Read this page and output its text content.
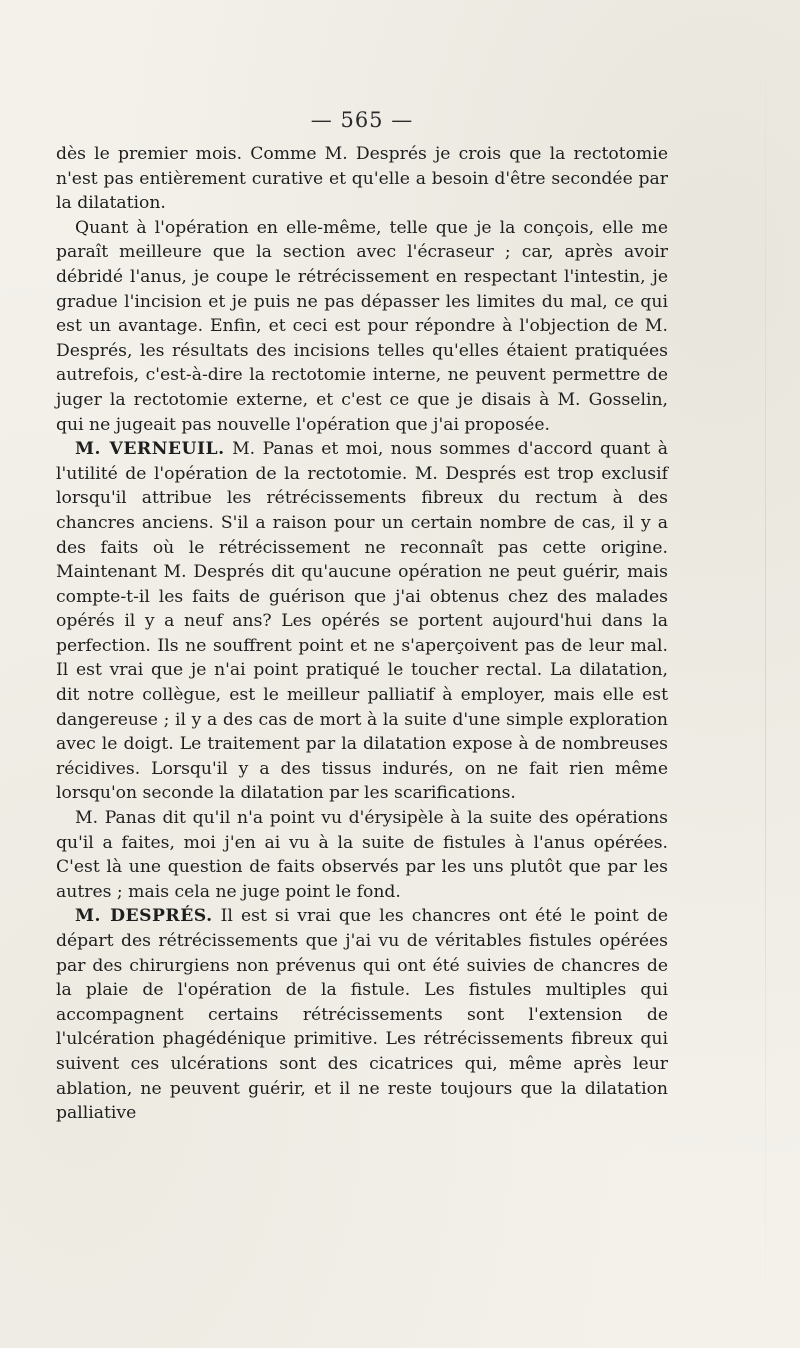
— 565 —

dès le premier mois. Comme M. Després je crois que la rectotomie n'est pas entièrement curative et qu'elle a besoin d'être secondée par la dilatation.

Quant à l'opération en elle-même, telle que je la conçois, elle me paraît meilleure que la section avec l'écraseur ; car, après avoir débridé l'anus, je coupe le rétrécissement en respectant l'intestin, je gradue l'incision et je puis ne pas dépasser les limites du mal, ce qui est un avantage. Enfin, et ceci est pour répondre à l'objection de M. Després, les résultats des incisions telles qu'elles étaient pratiquées autrefois, c'est-à-dire la rectotomie interne, ne peuvent permettre de juger la rectotomie externe, et c'est ce que je disais à M. Gosselin, qui ne jugeait pas nouvelle l'opération que j'ai proposée.

M. VERNEUIL. M. Panas et moi, nous sommes d'accord quant à l'utilité de l'opération de la rectotomie. M. Després est trop exclusif lorsqu'il attribue les rétrécissements fibreux du rectum à des chancres anciens. S'il a raison pour un certain nombre de cas, il y a des faits où le rétrécissement ne reconnaît pas cette origine. Maintenant M. Després dit qu'aucune opération ne peut guérir, mais compte-t-il les faits de guérison que j'ai obtenus chez des malades opérés il y a neuf ans? Les opérés se portent aujourd'hui dans la perfection. Ils ne souffrent point et ne s'aperçoivent pas de leur mal. Il est vrai que je n'ai point pratiqué le toucher rectal. La dilatation, dit notre collègue, est le meilleur palliatif à employer, mais elle est dangereuse ; il y a des cas de mort à la suite d'une simple exploration avec le doigt. Le traitement par la dilatation expose à de nombreuses récidives. Lorsqu'il y a des tissus indurés, on ne fait rien même lorsqu'on seconde la dilatation par les scarifications.

M. Panas dit qu'il n'a point vu d'érysipèle à la suite des opérations qu'il a faites, moi j'en ai vu à la suite de fistules à l'anus opérées. C'est là une question de faits observés par les uns plutôt que par les autres ; mais cela ne juge point le fond.

M. DESPRÉS. Il est si vrai que les chancres ont été le point de départ des rétrécissements que j'ai vu de véritables fistules opérées par des chirurgiens non prévenus qui ont été suivies de chancres de la plaie de l'opération de la fistule. Les fistules multiples qui accompagnent certains rétrécissements sont l'extension de l'ulcération phagédénique primitive. Les rétrécissements fibreux qui suivent ces ulcérations sont des cicatrices qui, même après leur ablation, ne peuvent guérir, et il ne reste toujours que la dilatation palliative
